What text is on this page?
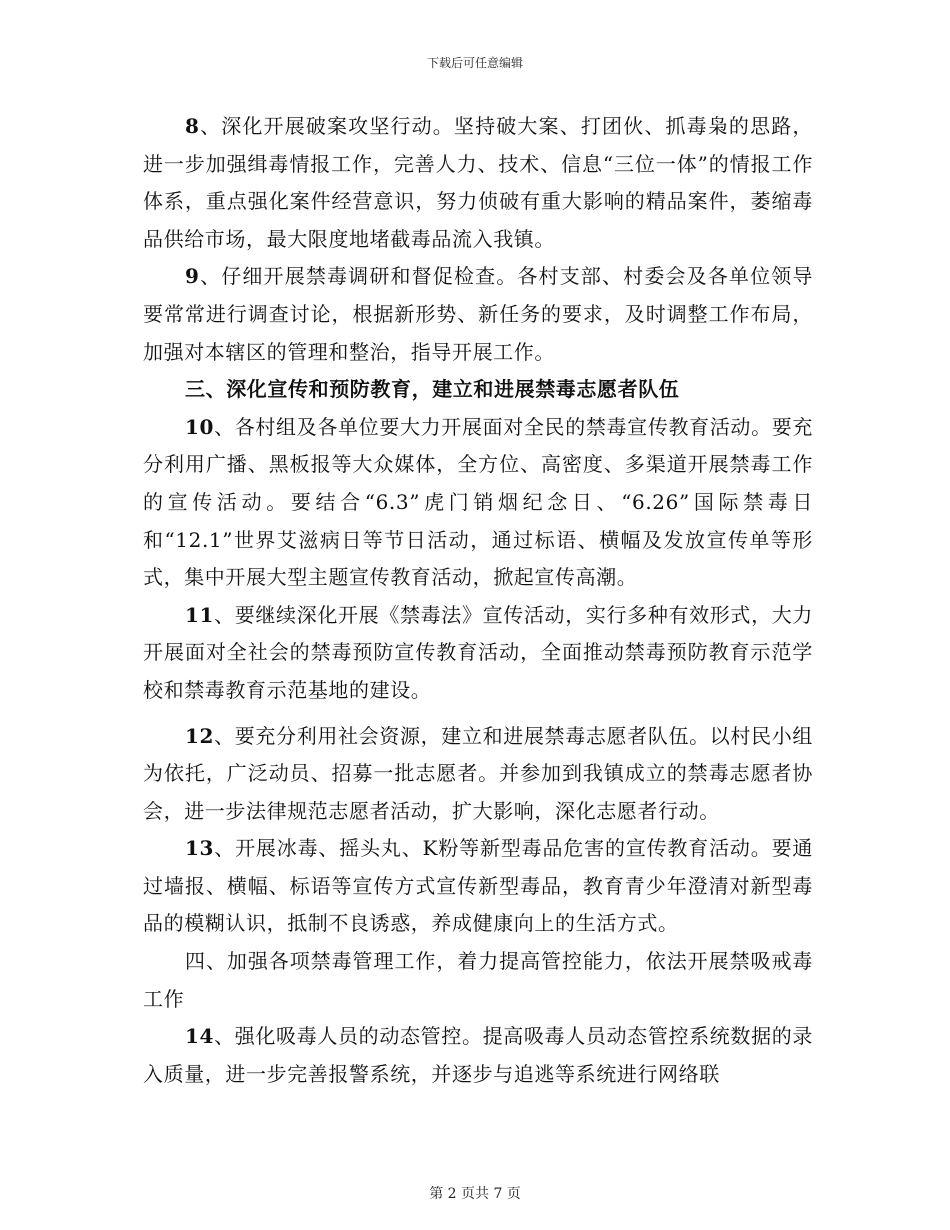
下载后可任意编辑

8、深化开展破案攻坚行动。坚持破大案、打团伙、抓毒枭的思路，进一步加强缉毒情报工作，完善人力、技术、信息“三位一体”的情报工作体系，重点强化案件经营意识，努力侦破有重大影响的精品案件，萎缩毒品供给市场，最大限度地堵截毒品流入我镇。

9、仔细开展禁毒调研和督促检查。各村支部、村委会及各单位领导要常常进行调查讨论，根据新形势、新任务的要求，及时调整工作布局，加强对本辖区的管理和整治，指导开展工作。

三、深化宣传和预防教育，建立和进展禁毒志愿者队伍

10、各村组及各单位要大力开展面对全民的禁毒宣传教育活动。要充分利用广播、黑板报等大众媒体，全方位、高密度、多渠道开展禁毒工作的宣传活动。要结合“6.3”虎门销烟纪念日、“6.26”国际禁毒日和“12.1”世界艾滋病日等节日活动，通过标语、横幅及发放宣传单等形式，集中开展大型主题宣传教育活动，掀起宣传高潮。

11、要继续深化开展《禁毒法》宣传活动，实行多种有效形式，大力开展面对全社会的禁毒预防宣传教育活动，全面推动禁毒预防教育示范学校和禁毒教育示范基地的建设。

12、要充分利用社会资源，建立和进展禁毒志愿者队伍。以村民小组为依托，广泛动员、招募一批志愿者。并参加到我镇成立的禁毒志愿者协会，进一步法律规范志愿者活动，扩大影响，深化志愿者行动。

13、开展冰毒、摇头丸、K粉等新型毒品危害的宣传教育活动。要通过墙报、横幅、标语等宣传方式宣传新型毒品，教育青少年澄清对新型毒品的模糊认识，抵制不良诱惑，养成健康向上的生活方式。

四、加强各项禁毒管理工作，着力提高管控能力，依法开展禁吸戒毒工作

14、强化吸毒人员的动态管控。提高吸毒人员动态管控系统数据的录入质量，进一步完善报警系统，并逐步与追逃等系统进行网络联

第 2 页共 7 页
